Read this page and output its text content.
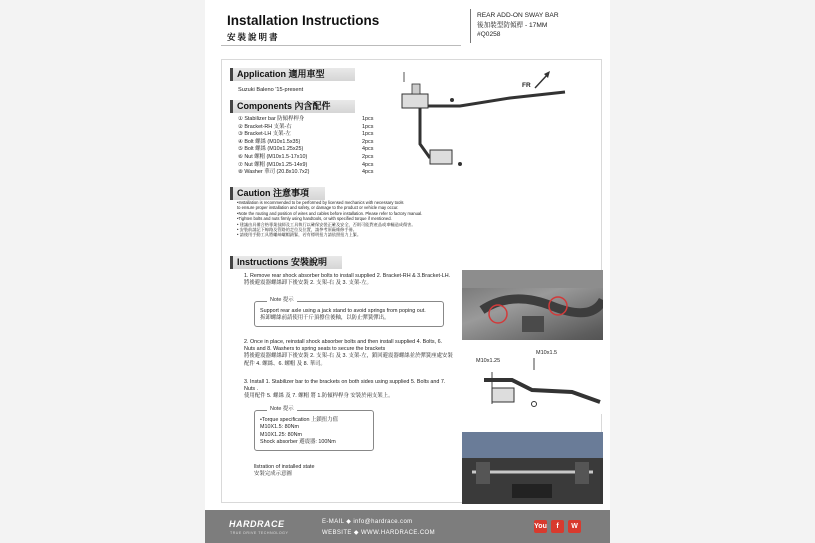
Installation Instructions
安裝說明書
REAR ADD-ON SWAY BAR
後加裝型防傾桿 - 17MM
#Q0258
Application 適用車型
Suzuki Baleno '15-present
Components 內含配件
① Stabilizer bar 防傾桿桿身	1pcs
② Bracket-RH 支架-右	1pcs
③ Bracket-LH 支架-左	1pcs
④ Bolt 螺絲 (M10x1.5x35)	2pcs
⑤ Bolt 螺絲 (M10x1.25x25)	4pcs
⑥ Nut 螺帽 (M10x1.5-17x10)	2pcs
⑦ Nut 螺帽 (M10x1.25-14x9)	4pcs
⑧ Washer 華司 (20.8x10.7x2)	4pcs
FR
Caution 注意事項
•Installation is recommended to be performed by licensed mechanics with necessary tools
to ensure proper installation and safety, or damage to the product or vehicle may occur.
•Note the routing and position of wires and cables before installation. Please refer to factory manual.
•Tighten bolts and nuts firmly using handtools, or with specified torque if mentioned.
• 建議由具備合格專業技師及工具執行以確保安裝正確及安全，否則可能對產品或車輛造成傷害。
• 安裝前請記下線路及管路的走位及位置，請參考原廠維修手冊。
• 請使用手動工具將螺絲螺帽鎖緊，若有標明扭力請依照扭力上緊。
Instructions 安裝說明
1. Remove rear shock absorber bolts to install supplied 2. Bracket-RH & 3.Bracket-LH.
將後避震器螺絲卸下後安裝 2. 支架-右 及 3. 支架-左。
Note 提示
Support rear axle using a jack stand to avoid springs from poping out.
拆卸螺絲前請使用千斤頂撐住後軸，以防止彈簧彈出。
2. Once in place, reinstall shock absorber bolts and then install supplied 4. Bolts, 6. Nuts and 8. Washers to spring seats to secure the brackets
將後避震器螺絲卸下後安裝 2. 支架-右 及 3. 支架-左，鎖回避震器螺絲並於彈簧座處安裝配件 4. 螺絲、6. 螺帽 及 8. 華司。
3. Install 1. Stabilizer bar to the brackets on both sides using supplied 5. Bolts and 7. Nuts .
使用配件 5. 螺絲 及 7. 螺帽 將 1.防傾桿桿身 安裝於兩支架上。
Note 提示
•Torque specification 上鎖扭力值
M10X1.5: 80Nm
M10X1.25: 80Nm
Shock absorber 避震器: 100Nm
llstration of installed state
安裝完成示意圖
M10x1.25
M10x1.5
HARDRACE
TRUE DRIVE TECHNOLOGY
E-MAIL ◆ info@hardrace.com
WEBSITE ◆ WWW.HARDRACE.COM
You	f	W
